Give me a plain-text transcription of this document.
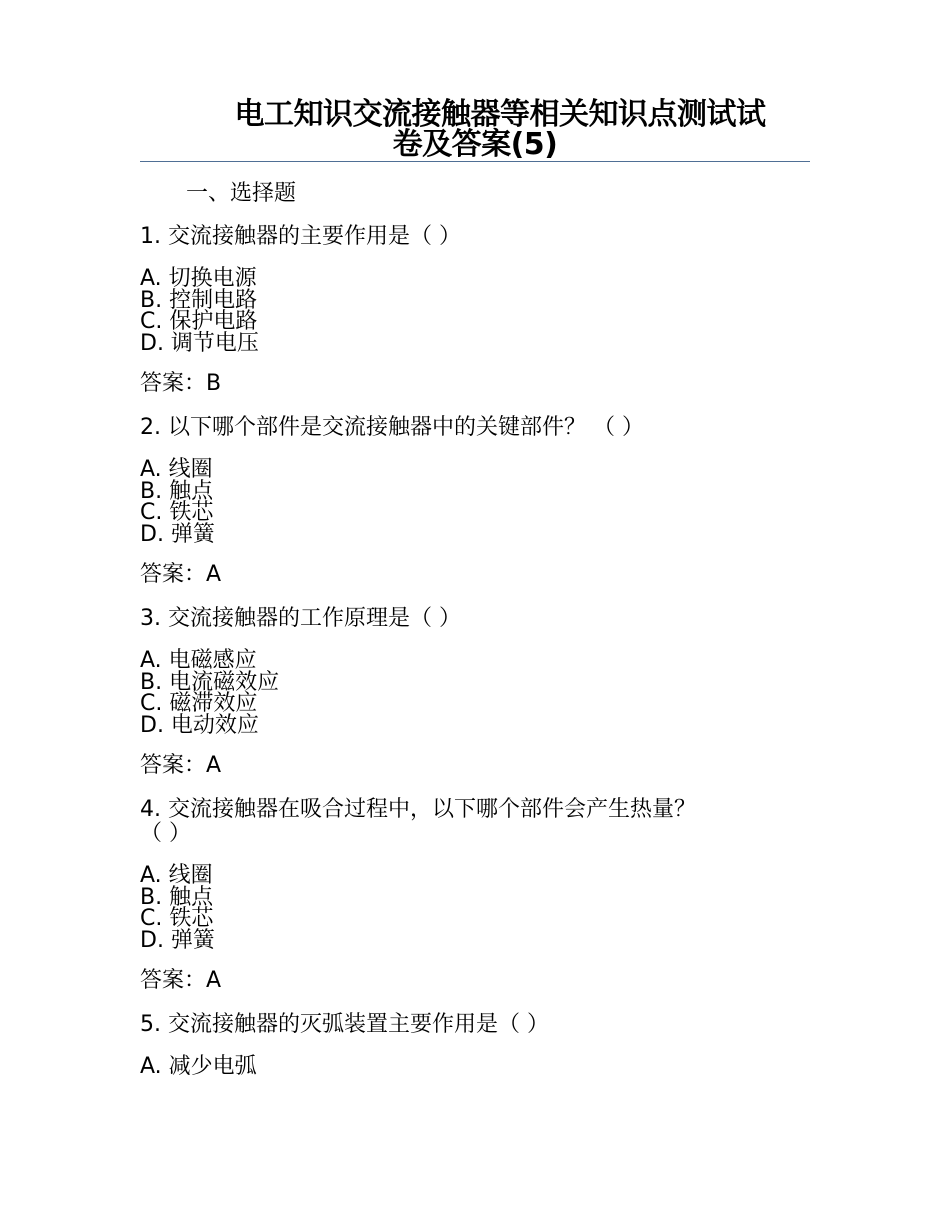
电工知识交流接触器等相关知识点测试试
卷及答案(5)
一、选择题
1. 交流接触器的主要作用是（ ）
A. 切换电源
B. 控制电路
C. 保护电路
D. 调节电压
答案：B
2. 以下哪个部件是交流接触器中的关键部件？ （ ）
A. 线圈
B. 触点
C. 铁芯
D. 弹簧
答案：A
3. 交流接触器的工作原理是（ ）
A. 电磁感应
B. 电流磁效应
C. 磁滞效应
D. 电动效应
答案：A
4. 交流接触器在吸合过程中，以下哪个部件会产生热量？
（ ）
A. 线圈
B. 触点
C. 铁芯
D. 弹簧
答案：A
5. 交流接触器的灭弧装置主要作用是（ ）
A. 减少电弧
